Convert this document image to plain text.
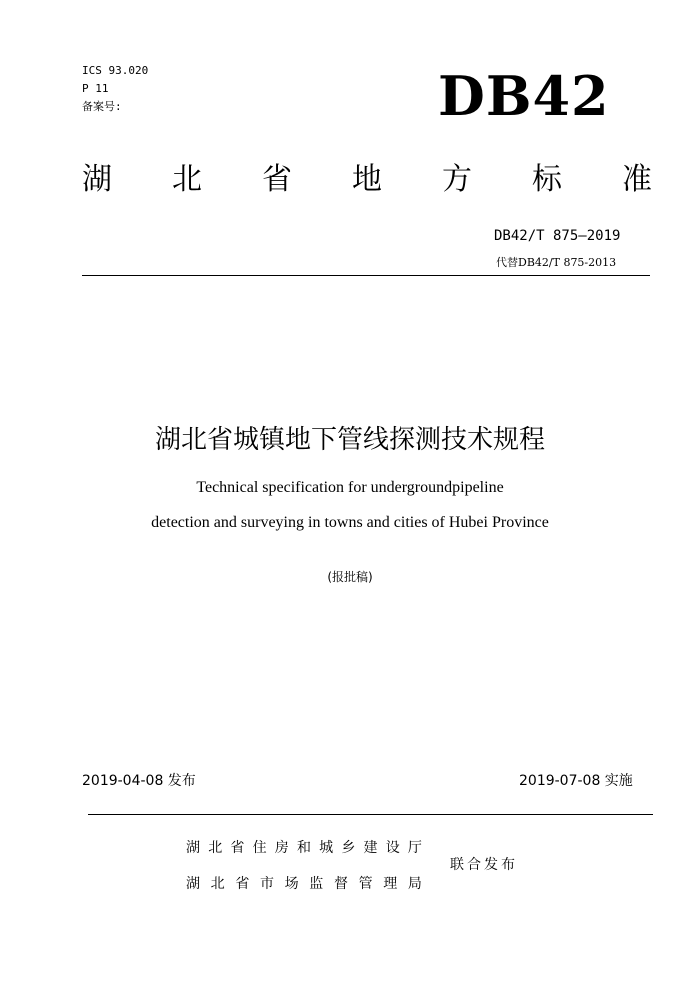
ICS 93.020
P 11
备案号:	DB42
湖 北 省 地 方 标 准
DB42/T 875—2019
代替DB42/T 875-2013
湖北省城镇地下管线探测技术规程
Technical specification for undergroundpipeline
detection and surveying in towns and cities of Hubei Province
(报批稿)
2019-04-08 发布	2019-07-08 实施
湖 北 省 住 房 和 城 乡 建 设 厅
湖 北 省 市 场 监 督 管 理 局
联合发布
